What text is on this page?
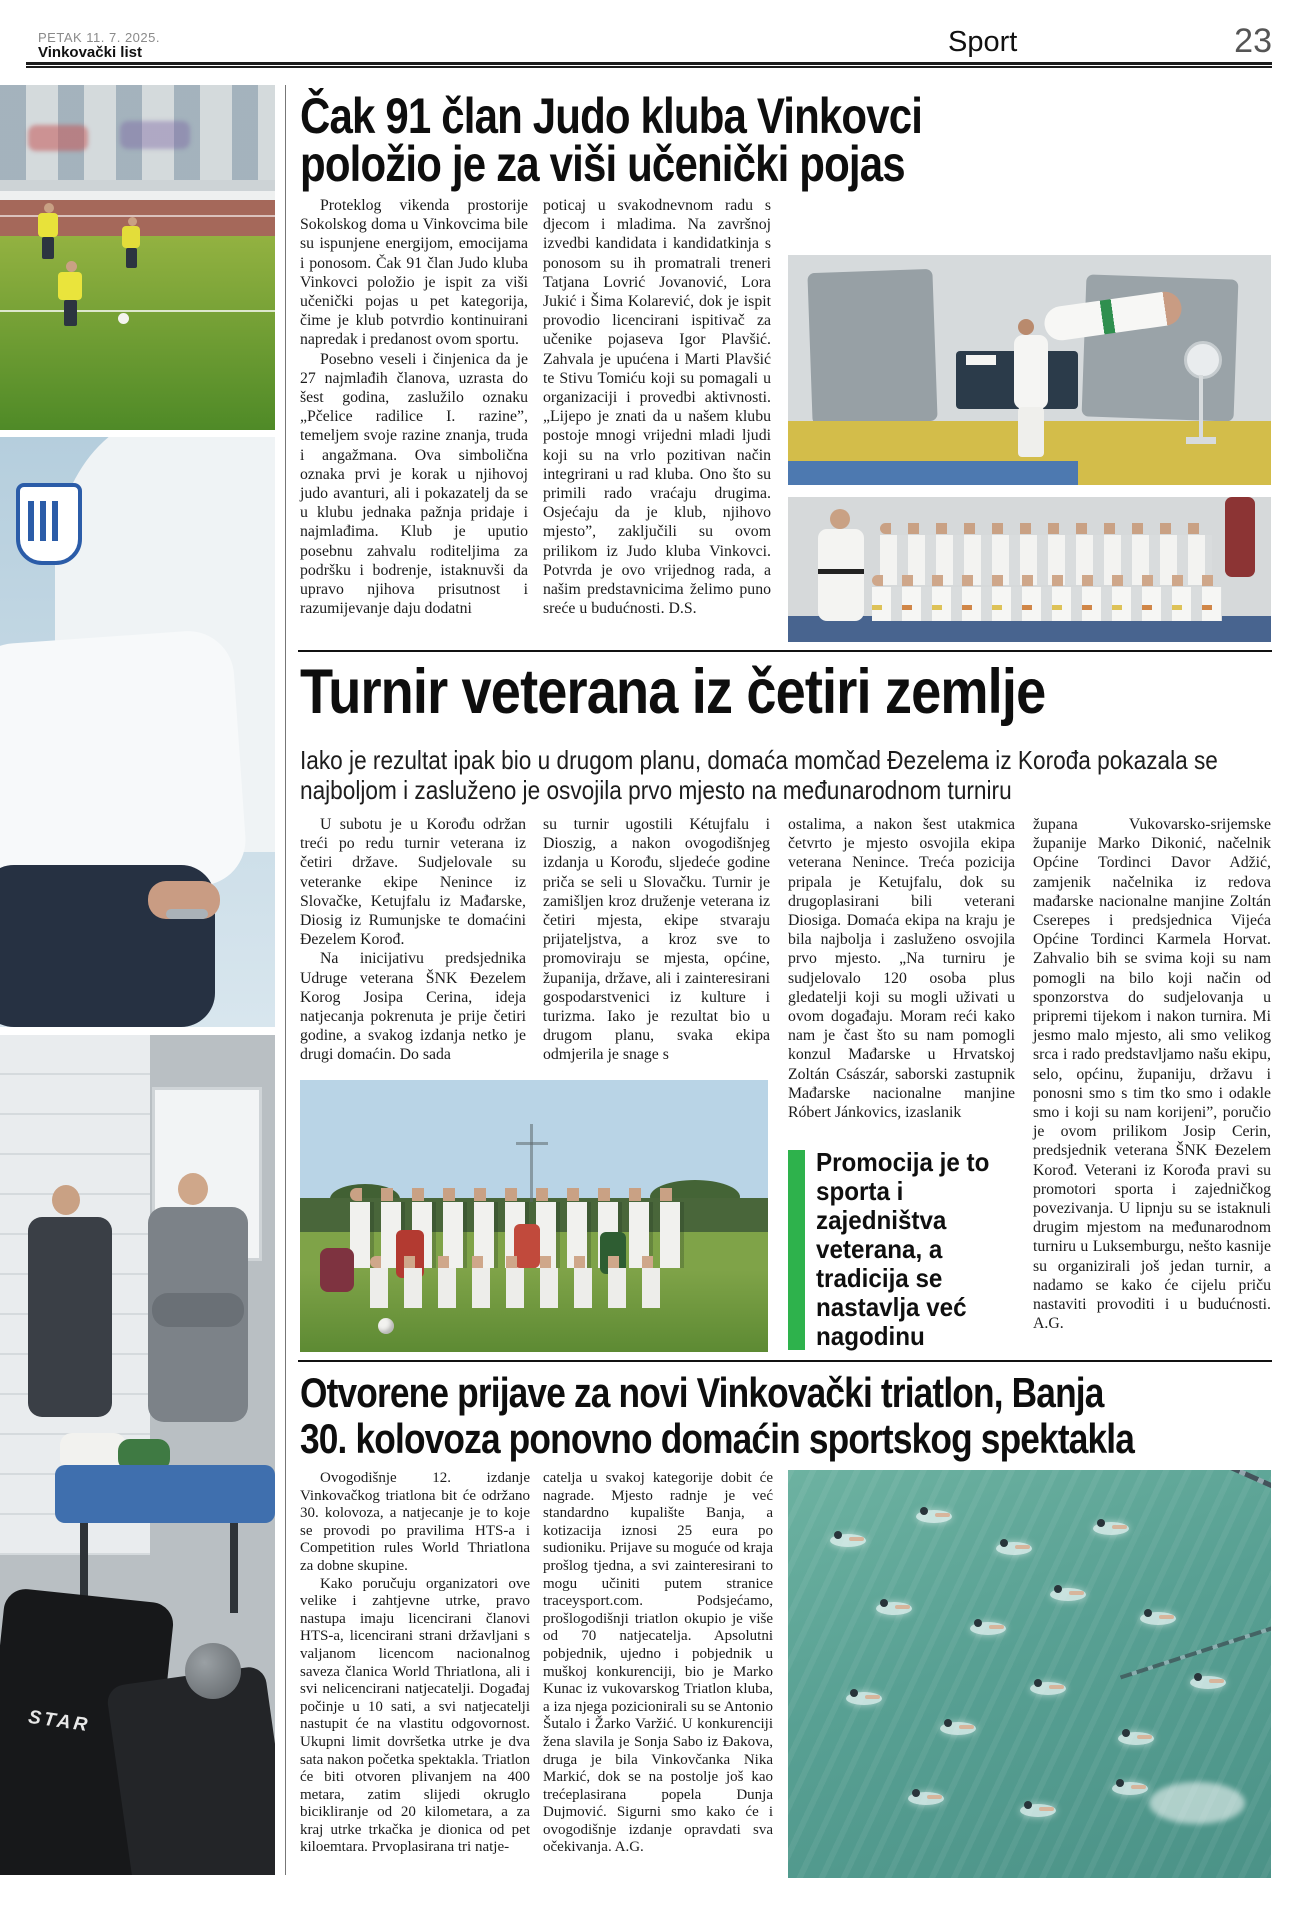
PETAK 11. 7. 2025.
Vinkovački list	Sport	23
STAR
Čak 91 član Judo kluba Vinkovci
položio je za viši učenički pojas

Proteklog vikenda prostorije Sokolskog doma u Vinkovcima bile su ispunjene energijom, emocijama i ponosom. Čak 91 član Judo kluba Vinkovci položio je ispit za viši učenički pojas u pet kategorija, čime je klub potvrdio kontinuirani napredak i predanost ovom sportu.

Posebno veseli i činjenica da je 27 najmlađih članova, uzrasta do šest godina, zaslužilo oznaku „Pčelice radilice I. razine”, temeljem svoje razine znanja, truda i angažmana. Ova simbolična oznaka prvi je korak u njihovoj judo avanturi, ali i pokazatelj da se u klubu jednaka pažnja pridaje i najmlađima. Klub je uputio posebnu zahvalu roditeljima za podršku i bodrenje, istaknuvši da upravo njihova prisutnost i razumijevanje daju dodatni

poticaj u svakodnevnom radu s djecom i mladima. Na završnoj izvedbi kandidata i kandidatkinja s ponosom su ih promatrali treneri Tatjana Lovrić Jovanović, Lora Jukić i Šima Kolarević, dok je ispit provodio licencirani ispitivač za učenike pojaseva Igor Plavšić. Zahvala je upućena i Marti Plavšić te Stivu Tomiću koji su pomagali u organizaciji i provedbi aktivnosti. „Lijepo je znati da u našem klubu postoje mnogi vrijedni mladi ljudi koji su na vrlo pozitivan način integrirani u rad kluba. Ono što su primili rado vraćaju drugima. Osjećaju da je klub, njihovo mjesto”, zaključili su ovom prilikom iz Judo kluba Vinkovci. Potvrda je ovo vrijednog rada, a našim predstavnicima želimo puno sreće u budućnosti. D.S.

Turnir veterana iz četiri zemlje
Iako je rezultat ipak bio u drugom planu, domaća momčad Đezelema iz Korođa pokazala se najboljom i zasluženo je osvojila prvo mjesto na međunarodnom turniru

U subotu je u Korođu održan treći po redu turnir veterana iz četiri države. Sudjelovale su veteranke ekipe Nenince iz Slovačke, Ketujfalu iz Mađarske, Diosig iz Rumunjske te domaćini Đezelem Korođ.

Na inicijativu predsjednika Udruge veterana ŠNK Đezelem Korog Josipa Cerina, ideja natjecanja pokrenuta je prije četiri godine, a svakog izdanja netko je drugi domaćin. Do sada

su turnir ugostili Kétujfalu i Dioszig, a nakon ovogodišnjeg izdanja u Korođu, sljedeće godine priča se seli u Slovačku. Turnir je zamišljen kroz druženje veterana iz četiri mjesta, ekipe stvaraju prijateljstva, a kroz sve to promoviraju se mjesta, općine, županija, države, ali i zainteresirani gospodarstvenici iz kulture i turizma. Iako je rezultat bio u drugom planu, svaka ekipa odmjerila je snage s

ostalima, a nakon šest utakmica četvrto je mjesto osvojila ekipa veterana Nenince. Treća pozicija pripala je Ketujfalu, dok su drugoplasirani bili veterani Diosiga. Domaća ekipa na kraju je bila najbolja i zasluženo osvojila prvo mjesto. „Na turniru je sudjelovalo 120 osoba plus gledatelji koji su mogli uživati u ovom događaju. Moram reći kako nam je čast što su nam pomogli konzul Mađarske u Hrvatskoj Zoltán Császár, saborski zastupnik Mađarske nacionalne manjine Róbert Jánkovics, izaslanik

župana Vukovarsko-srijemske županije Marko Dikonić, načelnik Općine Tordinci Davor Adžić, zamjenik načelnika iz redova mađarske nacionalne manjine Zoltán Cserepes i predsjednica Vijeća Općine Tordinci Karmela Horvat. Zahvalio bih se svima koji su nam pomogli na bilo koji način od sponzorstva do sudjelovanja u pripremi tijekom i nakon turnira. Mi jesmo malo mjesto, ali smo velikog srca i rado predstavljamo našu ekipu, selo, općinu, županiju, državu i ponosni smo s tim tko smo i odakle smo i koji su nam korijeni”, poručio je ovom prilikom Josip Cerin, predsjednik veterana ŠNK Đezelem Korođ. Veterani iz Korođa pravi su promotori sporta i zajedničkog povezivanja. U lipnju su se istaknuli drugim mjestom na međunarodnom turniru u Luksemburgu, nešto kasnije su organizirali još jedan turnir, a nadamo se kako će cijelu priču nastaviti provoditi i u budućnosti. A.G.

Promocija je to sporta i zajedništva veterana, a tradicija se nastavlja već nagodinu
Otvorene prijave za novi Vinkovački triatlon, Banja
30. kolovoza ponovno domaćin sportskog spektakla

Ovogodišnje 12. izdanje Vinkovačkog triatlona bit će održano 30. kolovoza, a natjecanje je to koje se provodi po pravilima HTS-a i Competition rules World Thriatlona za dobne skupine.

Kako poručuju organizatori ove velike i zahtjevne utrke, pravo nastupa imaju licencirani članovi HTS-a, licencirani strani državljani s valjanom licencom nacionalnog saveza članica World Thriatlona, ali i svi nelicencirani natjecatelji. Događaj počinje u 10 sati, a svi natjecatelji nastupit će na vlastitu odgovornost. Ukupni limit dovršetka utrke je dva sata nakon početka spektakla. Triatlon će biti otvoren plivanjem na 400 metara, zatim slijedi okruglo bicikliranje od 20 kilometara, a za kraj utrke trkačka je dionica od pet kiloemtara. Prvoplasirana tri natje-

catelja u svakoj kategorije dobit će nagrade. Mjesto radnje je već standardno kupalište Banja, a kotizacija iznosi 25 eura po sudioniku. Prijave su moguće od kraja prošlog tjedna, a svi zainteresirani to mogu učiniti putem stranice traceysport.com. Podsjećamo, prošlogodišnji triatlon okupio je više od 70 natjecatelja. Apsolutni pobjednik, ujedno i pobjednik u muškoj konkurenciji, bio je Marko Kunac iz vukovarskog Triatlon kluba, a iza njega pozicionirali su se Antonio Šutalo i Žarko Varžić. U konkurenciji žena slavila je Sonja Sabo iz Đakova, druga je bila Vinkovčanka Nika Markić, dok se na postolje još kao trećeplasirana popela Dunja Dujmović. Sigurni smo kako će i ovogodišnje izdanje opravdati sva očekivanja. A.G.
